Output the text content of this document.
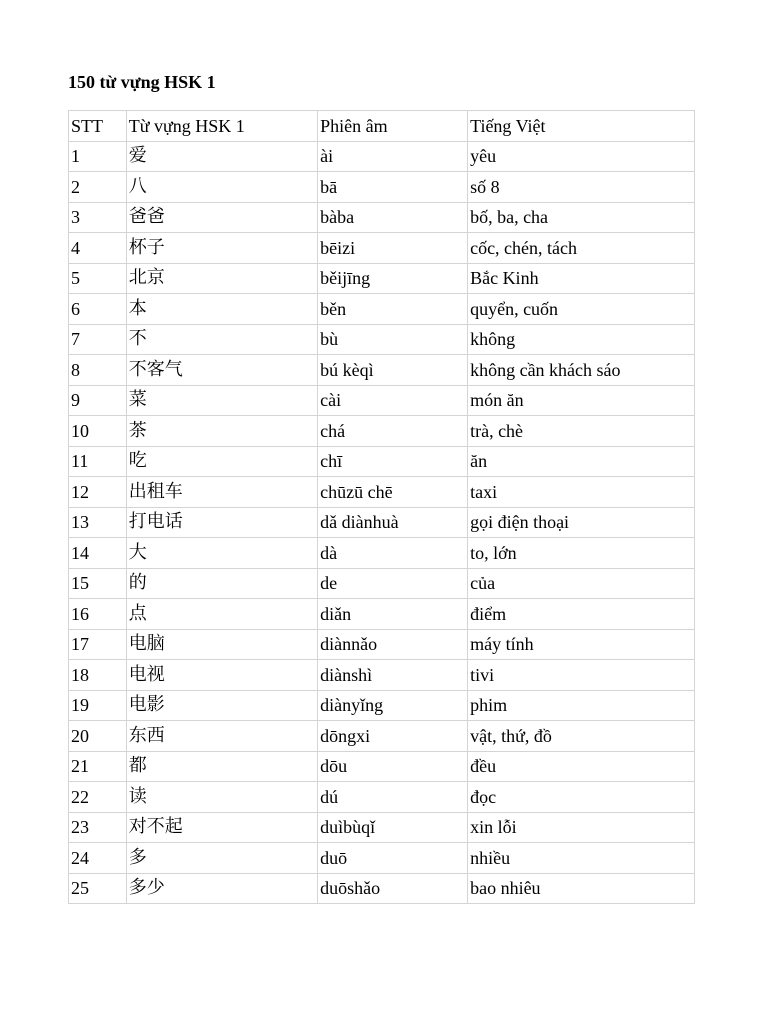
150 từ vựng HSK 1
STT	Từ vựng HSK 1	Phiên âm	Tiếng Việt
1	爱	ài	yêu
2	八	bā	số 8
3	爸爸	bàba	bố, ba, cha
4	杯子	bēizi	cốc, chén, tách
5	北京	běijīng	Bắc Kinh
6	本	běn	quyển, cuốn
7	不	bù	không
8	不客气	bú kèqì	không cần khách sáo
9	菜	cài	món ăn
10	茶	chá	trà, chè
11	吃	chī	ăn
12	出租车	chūzū chē	taxi
13	打电话	dǎ diànhuà	gọi điện thoại
14	大	dà	to, lớn
15	的	de	của
16	点	diǎn	điểm
17	电脑	diànnǎo	máy tính
18	电视	diànshì	tivi
19	电影	diànyǐng	phim
20	东西	dōngxi	vật, thứ, đồ
21	都	dōu	đều
22	读	dú	đọc
23	对不起	duìbùqǐ	xin lỗi
24	多	duō	nhiều
25	多少	duōshǎo	bao nhiêu
